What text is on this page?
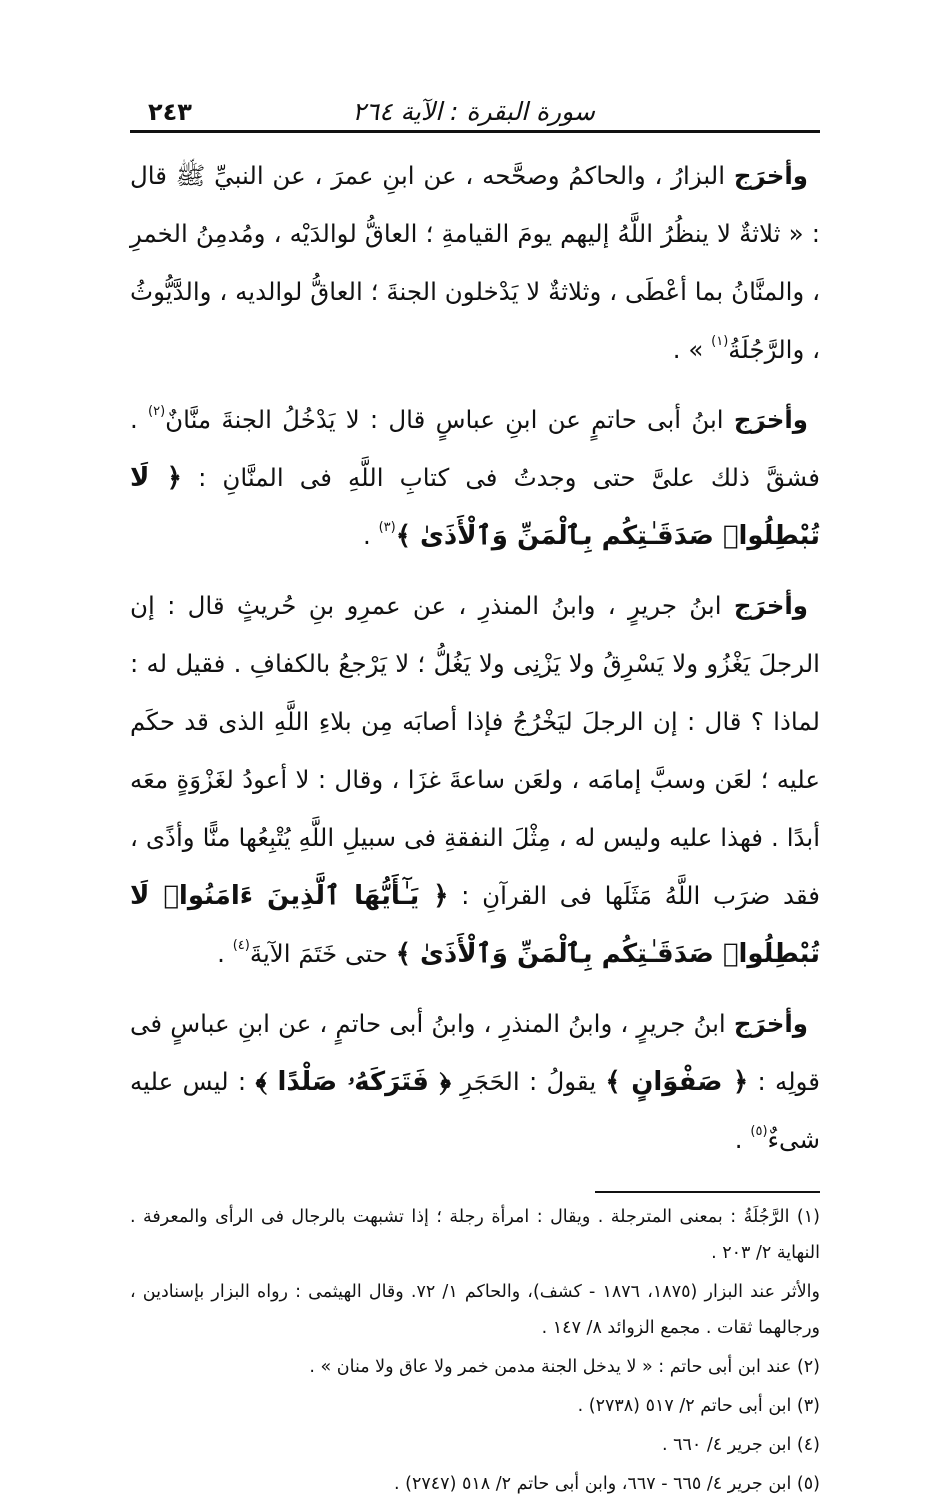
سورة البقرة : الآية ٢٦٤
٢٤٣

وأخرَج البزارُ ، والحاكمُ وصحَّحه ، عن ابنِ عمرَ ، عن النبيِّ ﷺ قال : « ثلاثةٌ لا ينظُرُ اللَّهُ إليهم يومَ القيامةِ ؛ العاقُّ لوالدَيْه ، ومُدمِنُ الخمرِ ، والمنَّانُ بما أعْطَى ، وثلاثةٌ لا يَدْخلون الجنةَ ؛ العاقُّ لوالديه ، والدَّيُّوثُ ، والرَّجُلَةُ$^{(١)}$ » .

وأخرَج ابنُ أبى حاتمٍ عن ابنِ عباسٍ قال : لا يَدْخُلُ الجنةَ منَّانٌ$^{(٢)}$ . فشقَّ ذلك علىَّ حتى وجدتُ فى كتابِ اللَّهِ فى المنَّانِ : ﴿ لَا تُبْطِلُوا۟ صَدَقَـٰتِكُم بِٱلْمَنِّ وَٱلْأَذَىٰ ﴾$^{(٣)}$ .

وأخرَج ابنُ جريرٍ ، وابنُ المنذرِ ، عن عمرِو بنِ حُريثٍ قال : إن الرجلَ يَغْزُو ولا يَسْرِقُ ولا يَزْنِى ولا يَغُلُّ ؛ لا يَرْجعُ بالكفافِ . فقيل له : لماذا ؟ قال : إن الرجلَ ليَخْرُجُ فإذا أصابَه مِن بلاءِ اللَّهِ الذى قد حكَم عليه ؛ لعَن وسبَّ إمامَه ، ولعَن ساعةَ غزَا ، وقال : لا أعودُ لغَزْوَةٍ معَه أبدًا . فهذا عليه وليس له ، مِثْلَ النفقةِ فى سبيلِ اللَّهِ يُتْبِعُها منًّا وأذًى ، فقد ضرَب اللَّهُ مَثَلَها فى القرآنِ : ﴿ يَـٰٓأَيُّهَا ٱلَّذِينَ ءَامَنُوا۟ لَا تُبْطِلُوا۟ صَدَقَـٰتِكُم بِٱلْمَنِّ وَٱلْأَذَىٰ ﴾ حتى خَتَمَ الآيةَ$^{(٤)}$ .

وأخرَج ابنُ جريرٍ ، وابنُ المنذرِ ، وابنُ أبى حاتمٍ ، عن ابنِ عباسٍ فى قولِه : ﴿ صَفْوَانٍ ﴾ يقولُ : الحَجَرِ ﴿ فَتَرَكَهُۥ صَلْدًا ﴾ : ليس عليه شىءٌ$^{(٥)}$ .

(١) الرَّجُلَةُ : بمعنى المترجلة . ويقال : امرأة رجلة ؛ إذا تشبهت بالرجال فى الرأى والمعرفة . النهاية ٢/ ٢٠٣ .

والأثر عند البزار (١٨٧٥، ١٨٧٦ - كشف)، والحاكم ١/ ٧٢. وقال الهيثمى : رواه البزار بإسنادين ، ورجالهما ثقات . مجمع الزوائد ٨/ ١٤٧ .

(٢) عند ابن أبى حاتم : « لا يدخل الجنة مدمن خمر ولا عاق ولا منان » .

(٣) ابن أبى حاتم ٢/ ٥١٧ (٢٧٣٨) .

(٤) ابن جرير ٤/ ٦٦٠ .

(٥) ابن جرير ٤/ ٦٦٥ - ٦٦٧، وابن أبى حاتم ٢/ ٥١٨ (٢٧٤٧) .
